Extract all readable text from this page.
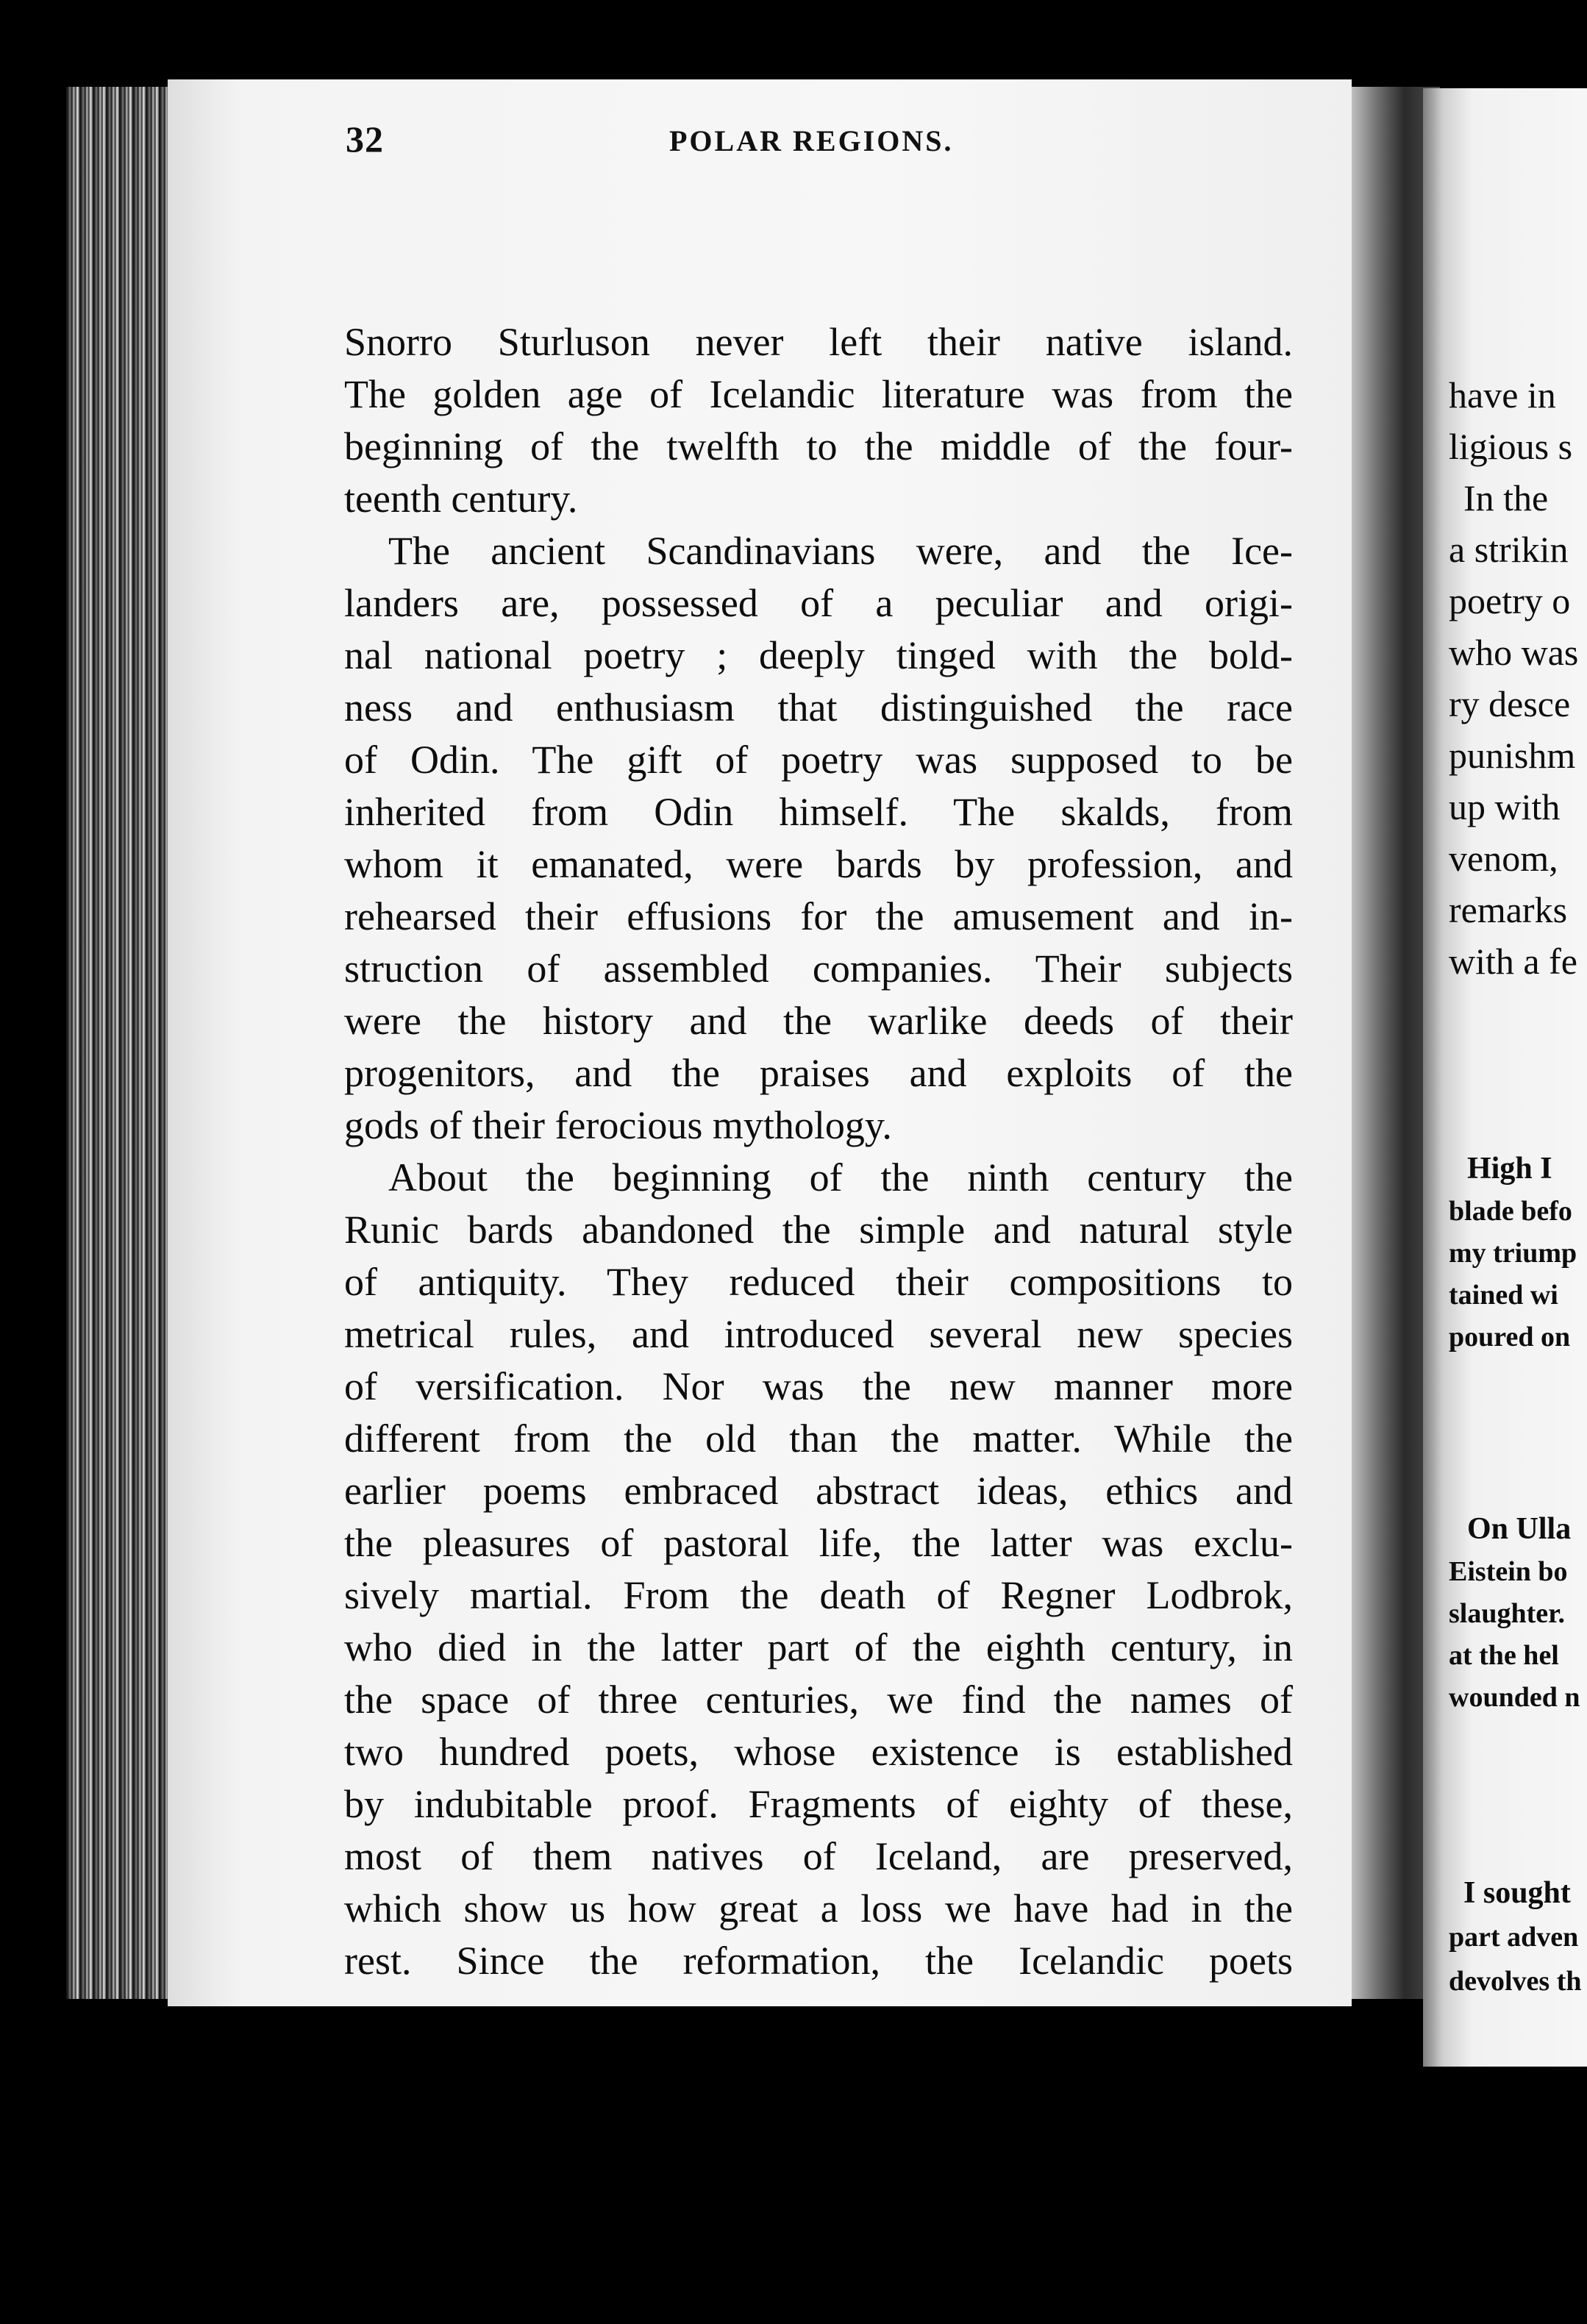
32	POLAR REGIONS.
Snorro Sturluson never left their native island.
The golden age of Icelandic literature was from the
beginning of the twelfth to the middle of the four-
teenth century.
The ancient Scandinavians were, and the Ice-
landers are, possessed of a peculiar and origi-
nal national poetry ; deeply tinged with the bold-
ness and enthusiasm that distinguished the race
of Odin. The gift of poetry was supposed to be
inherited from Odin himself. The skalds, from
whom it emanated, were bards by profession, and
rehearsed their effusions for the amusement and in-
struction of assembled companies. Their subjects
were the history and the warlike deeds of their
progenitors, and the praises and exploits of the
gods of their ferocious mythology.
About the beginning of the ninth century the
Runic bards abandoned the simple and natural style
of antiquity. They reduced their compositions to
metrical rules, and introduced several new species
of versification. Nor was the new manner more
different from the old than the matter. While the
earlier poems embraced abstract ideas, ethics and
the pleasures of pastoral life, the latter was exclu-
sively martial. From the death of Regner Lodbrok,
who died in the latter part of the eighth century, in
the space of three centuries, we find the names of
two hundred poets, whose existence is established
by indubitable proof. Fragments of eighty of these,
most of them natives of Iceland, are preserved,
which show us how great a loss we have had in the
rest. Since the reformation, the Icelandic poets
have in
ligious s
In the
a strikin
poetry o
who was
ry desce
punishm
up with
venom,
remarks
with a fe
High I
blade befo
my triump
tained wi
poured on
On Ulla
Eistein bo
slaughter.
at the hel
wounded n
I sought
part adven
devolves th
